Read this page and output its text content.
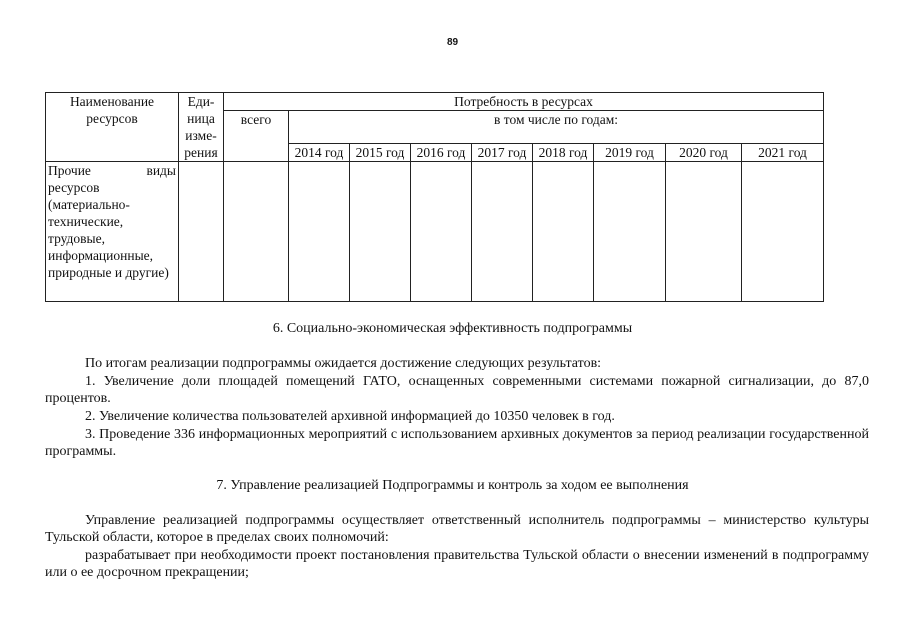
89
Наименование ресурсов	Еди-ница изме-рения	Потребность в ресурсах								
		всего	в том числе по годам:							
			2014 год	2015 год	2016 год	2017 год	2018 год	2019 год	2020 год	2021 год
Прочие виды ресурсов (материально-технические, трудовые, информационные, природные и другие)										
6. Социально-экономическая эффективность подпрограммы

По итогам реализации подпрограммы ожидается достижение следующих результатов:

1. Увеличение доли площадей помещений ГАТО, оснащенных современными системами пожарной сигнализации, до 87,0 процентов.

2. Увеличение количества пользователей архивной информацией до 10350 человек в год.

3. Проведение 336 информационных мероприятий с использованием архивных документов за период реализации государственной программы.

7. Управление реализацией Подпрограммы и контроль за ходом ее выполнения

Управление реализацией подпрограммы осуществляет ответственный исполнитель подпрограммы – министерство культуры Тульской области, которое в пределах своих полномочий:

разрабатывает при необходимости проект постановления правительства Тульской области о внесении изменений в подпрограмму или о ее досрочном прекращении;
